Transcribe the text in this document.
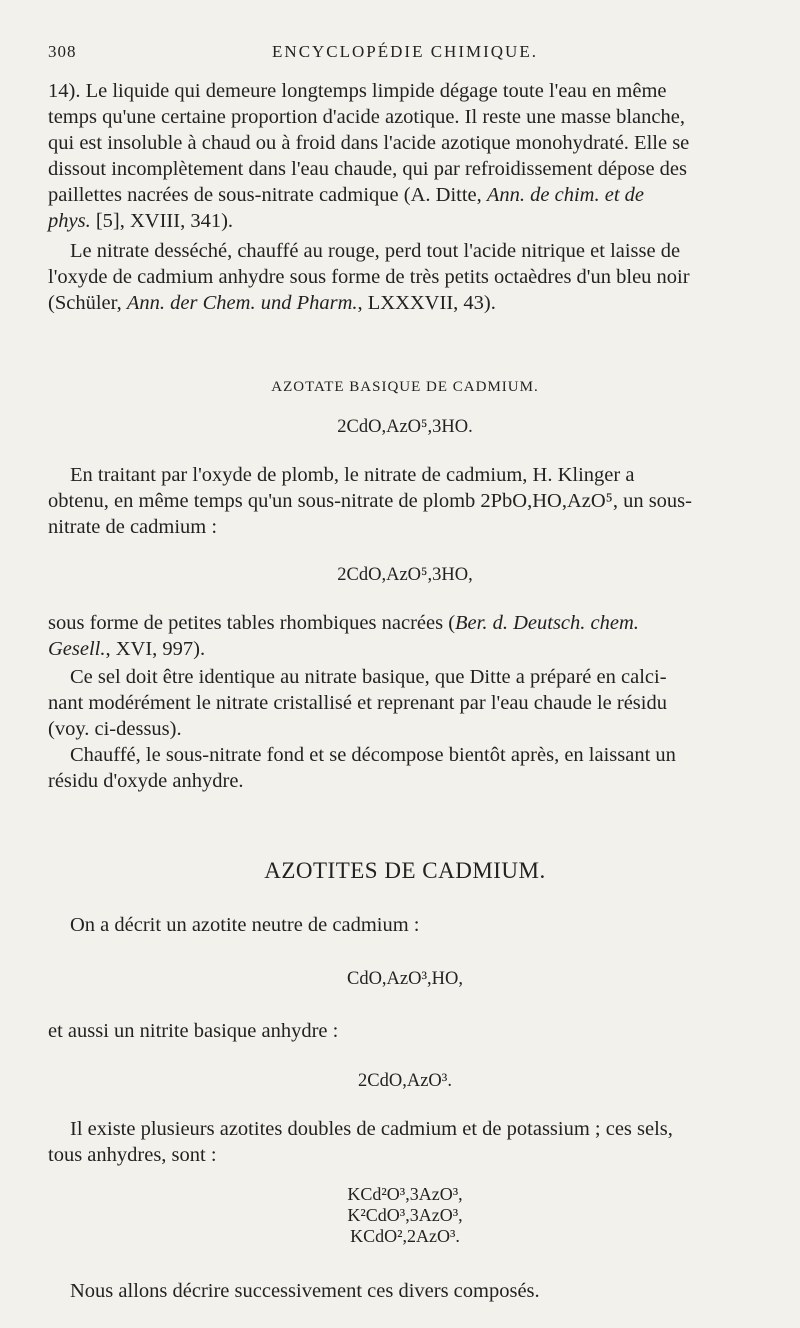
308	ENCYCLOPÉDIE CHIMIQUE.
14). Le liquide qui demeure longtemps limpide dégage toute l'eau en même
temps qu'une certaine proportion d'acide azotique. Il reste une masse blanche,
qui est insoluble à chaud ou à froid dans l'acide azotique monohydraté. Elle se
dissout incomplètement dans l'eau chaude, qui par refroidissement dépose des
paillettes nacrées de sous-nitrate cadmique (A. Ditte, Ann. de chim. et de
phys. [5], XVIII, 341).
Le nitrate desséché, chauffé au rouge, perd tout l'acide nitrique et laisse de
l'oxyde de cadmium anhydre sous forme de très petits octaèdres d'un bleu noir
(Schüler, Ann. der Chem. und Pharm., LXXXVII, 43).
AZOTATE BASIQUE DE CADMIUM.
2CdO,AzO⁵,3HO.
En traitant par l'oxyde de plomb, le nitrate de cadmium, H. Klinger a
obtenu, en même temps qu'un sous-nitrate de plomb 2PbO,HO,AzO⁵, un sous-
nitrate de cadmium :
2CdO,AzO⁵,3HO,
sous forme de petites tables rhombiques nacrées (Ber. d. Deutsch. chem.
Gesell., XVI, 997).
Ce sel doit être identique au nitrate basique, que Ditte a préparé en calci-
nant modérément le nitrate cristallisé et reprenant par l'eau chaude le résidu
(voy. ci-dessus).
Chauffé, le sous-nitrate fond et se décompose bientôt après, en laissant un
résidu d'oxyde anhydre.
AZOTITES DE CADMIUM.
On a décrit un azotite neutre de cadmium :
CdO,AzO³,HO,
et aussi un nitrite basique anhydre :
2CdO,AzO³.
Il existe plusieurs azotites doubles de cadmium et de potassium ; ces sels,
tous anhydres, sont :
KCd²O³,3AzO³,
K²CdO³,3AzO³,
KCdO²,2AzO³.
Nous allons décrire successivement ces divers composés.
